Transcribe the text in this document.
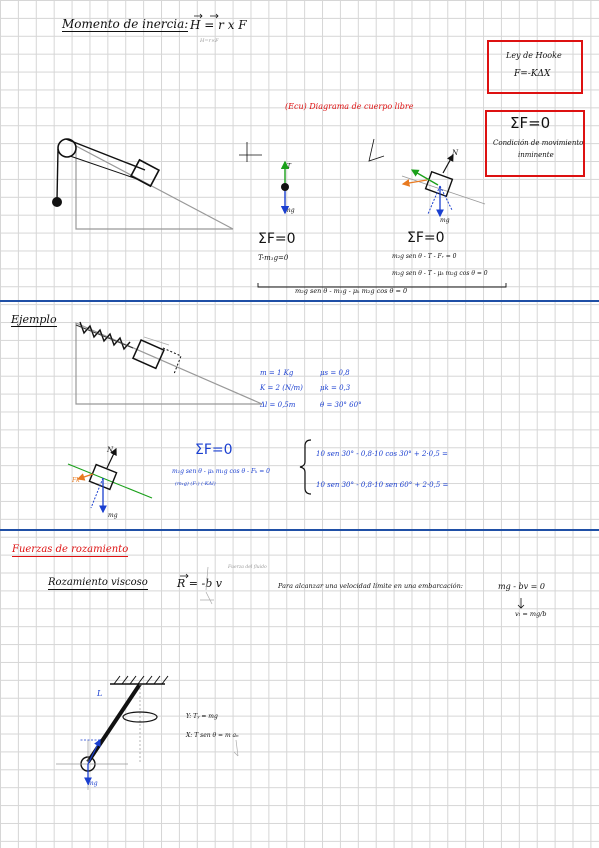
Momento de inercia: H = r x F
H=r×F
Ley de Hooke
F=-KΔX
ΣF=0
Condición de movimiento
inminente
(Ecu) Diagrama de cuerpo libre
ΣF=0
T-m₁g=0
ΣF=0
m₂g sen θ - T - Fᵣ = 0
m₂g sen θ - T - μₖ m₂g cos θ = 0
m₂g sen θ - m₁g - μₖ m₂g cos θ = 0
T
N
mg
mg
Ejemplo
m = 1 Kg
K = 2 (N/m)
Δl = 0,5m
μs = 0,8
μk = 0,3
θ = 30° 60°
ΣF=0
m₁g sen θ - μₖ m₁g cos θ - Fₖ = 0
(m₁g) (Fᵣ) (-KΔl)
10 sen 30° - 0,8·10 cos 30° + 2·0,5 =
10 sen 30° - 0,8·10 sen 60° + 2·0,5 =
N
mg
Fk
Fuerzas de rozamiento
Rozamiento viscoso	R = -b v
Fuerza del fluido
Para alcanzar una velocidad límite en una embarcación:	mg - bv = 0
vₗ = mg/b
L
Y: Tᵧ = mg
X: T sen θ = m aₙ
mg
